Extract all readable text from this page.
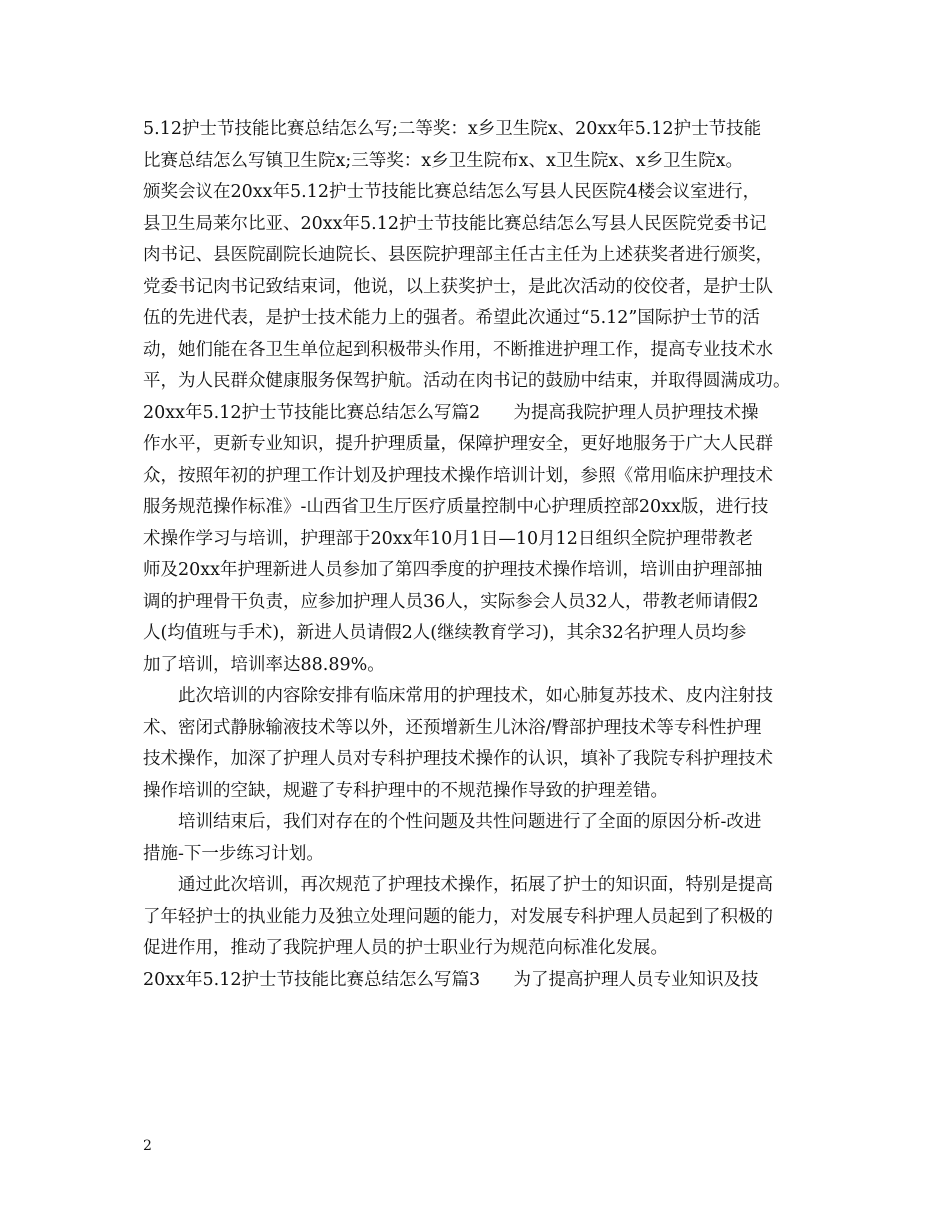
5.12护士节技能比赛总结怎么写;二等奖：x乡卫生院x、20xx年5.12护士节技能
比赛总结怎么写镇卫生院x;三等奖：x乡卫生院布x、x卫生院x、x乡卫生院x。
颁奖会议在20xx年5.12护士节技能比赛总结怎么写县人民医院4楼会议室进行，
县卫生局莱尔比亚、20xx年5.12护士节技能比赛总结怎么写县人民医院党委书记
肉书记、县医院副院长迪院长、县医院护理部主任古主任为上述获奖者进行颁奖，
党委书记肉书记致结束词，他说，以上获奖护士，是此次活动的佼佼者，是护士队
伍的先进代表，是护士技术能力上的强者。希望此次通过“5.12”国际护士节的活
动，她们能在各卫生单位起到积极带头作用，不断推进护理工作，提高专业技术水
平，为人民群众健康服务保驾护航。活动在肉书记的鼓励中结束，并取得圆满成功。
20xx年5.12护士节技能比赛总结怎么写篇2      为提高我院护理人员护理技术操
作水平，更新专业知识，提升护理质量，保障护理安全，更好地服务于广大人民群
众，按照年初的护理工作计划及护理技术操作培训计划，参照《常用临床护理技术
服务规范操作标准》-山西省卫生厅医疗质量控制中心护理质控部20xx版，进行技
术操作学习与培训，护理部于20xx年10月1日—10月12日组织全院护理带教老
师及20xx年护理新进人员参加了第四季度的护理技术操作培训，培训由护理部抽
调的护理骨干负责，应参加护理人员36人，实际参会人员32人，带教老师请假2
人(均值班与手术)，新进人员请假2人(继续教育学习)，其余32名护理人员均参
加了培训，培训率达88.89%。
此次培训的内容除安排有临床常用的护理技术，如心肺复苏技术、皮内注射技
术、密闭式静脉输液技术等以外，还预增新生儿沐浴/臀部护理技术等专科性护理
技术操作，加深了护理人员对专科护理技术操作的认识，填补了我院专科护理技术
操作培训的空缺，规避了专科护理中的不规范操作导致的护理差错。
培训结束后，我们对存在的个性问题及共性问题进行了全面的原因分析-改进
措施-下一步练习计划。
通过此次培训，再次规范了护理技术操作，拓展了护士的知识面，特别是提高
了年轻护士的执业能力及独立处理问题的能力，对发展专科护理人员起到了积极的
促进作用，推动了我院护理人员的护士职业行为规范向标准化发展。
20xx年5.12护士节技能比赛总结怎么写篇3      为了提高护理人员专业知识及技
2
